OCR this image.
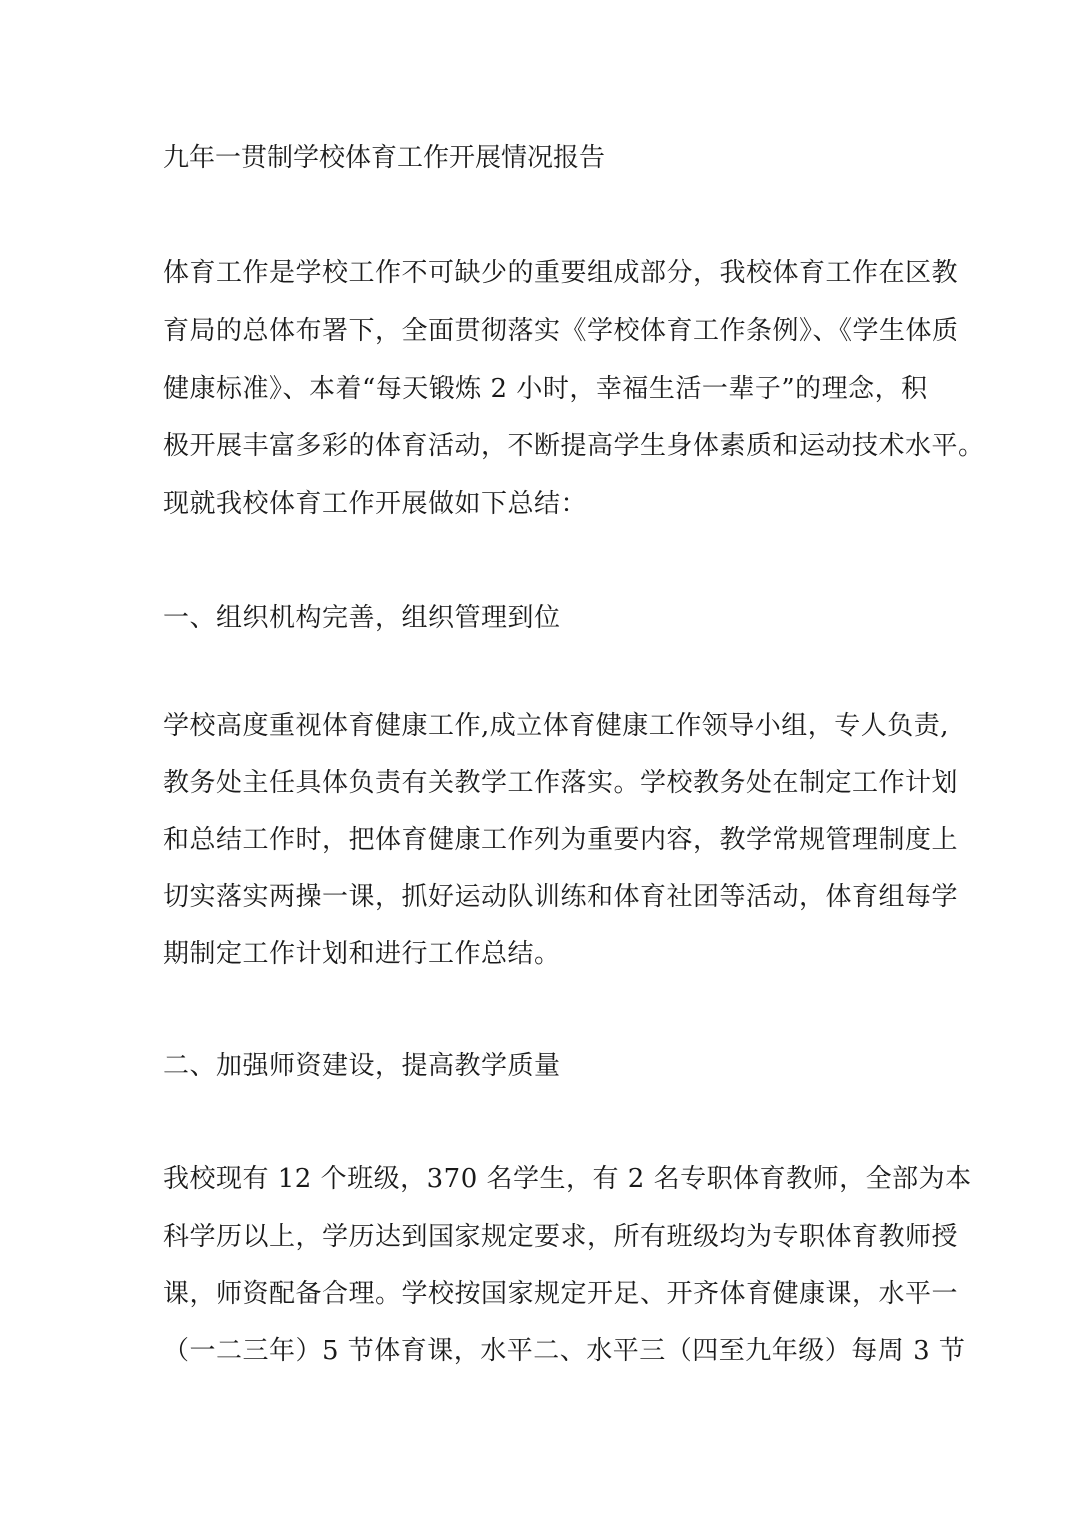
九年一贯制学校体育工作开展情况报告
体育工作是学校工作不可缺少的重要组成部分，我校体育工作在区教
育局的总体布署下，全面贯彻落实《学校体育工作条例》、《学生体质
健康标准》、本着“每天锻炼 2 小时，幸福生活一辈子”的理念，积
极开展丰富多彩的体育活动，不断提高学生身体素质和运动技术水平。
现就我校体育工作开展做如下总结：
一、组织机构完善，组织管理到位
学校高度重视体育健康工作,成立体育健康工作领导小组，专人负责,
教务处主任具体负责有关教学工作落实。学校教务处在制定工作计划
和总结工作时，把体育健康工作列为重要内容，教学常规管理制度上
切实落实两操一课，抓好运动队训练和体育社团等活动，体育组每学
期制定工作计划和进行工作总结。
二、加强师资建设，提高教学质量
我校现有 12 个班级，370 名学生，有 2 名专职体育教师，全部为本
科学历以上，学历达到国家规定要求，所有班级均为专职体育教师授
课，师资配备合理。学校按国家规定开足、开齐体育健康课，水平一
（一二三年）5 节体育课，水平二、水平三（四至九年级）每周 3 节
